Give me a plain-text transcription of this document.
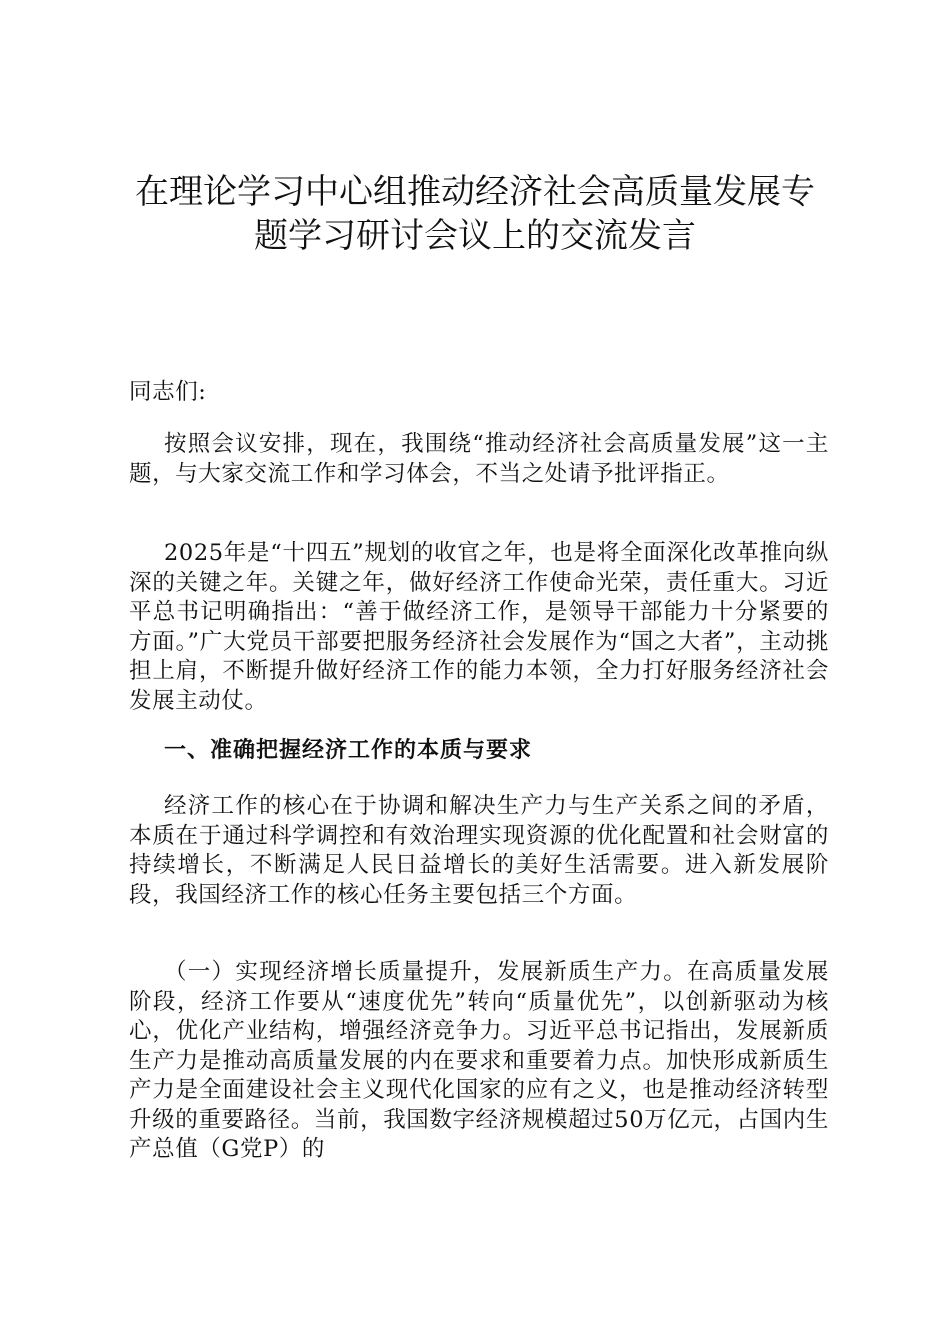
在理论学习中心组推动经济社会高质量发展专
题学习研讨会议上的交流发言

同志们:

按照会议安排，现在，我围绕“推动经济社会高质量发展”这一主题，与大家交流工作和学习体会，不当之处请予批评指正。

2025年是“十四五”规划的收官之年，也是将全面深化改革推向纵深的关键之年。关键之年，做好经济工作使命光荣，责任重大。习近平总书记明确指出：“善于做经济工作，是领导干部能力十分紧要的方面。”广大党员干部要把服务经济社会发展作为“国之大者”，主动挑担上肩，不断提升做好经济工作的能力本领，全力打好服务经济社会发展主动仗。

一、准确把握经济工作的本质与要求

经济工作的核心在于协调和解决生产力与生产关系之间的矛盾，本质在于通过科学调控和有效治理实现资源的优化配置和社会财富的持续增长，不断满足人民日益增长的美好生活需要。进入新发展阶段，我国经济工作的核心任务主要包括三个方面。

（一）实现经济增长质量提升，发展新质生产力。在高质量发展阶段，经济工作要从“速度优先”转向“质量优先”，以创新驱动为核心，优化产业结构，增强经济竞争力。习近平总书记指出，发展新质生产力是推动高质量发展的内在要求和重要着力点。加快形成新质生产力是全面建设社会主义现代化国家的应有之义，也是推动经济转型升级的重要路径。当前，我国数字经济规模超过50万亿元，占国内生产总值（G党P）的
